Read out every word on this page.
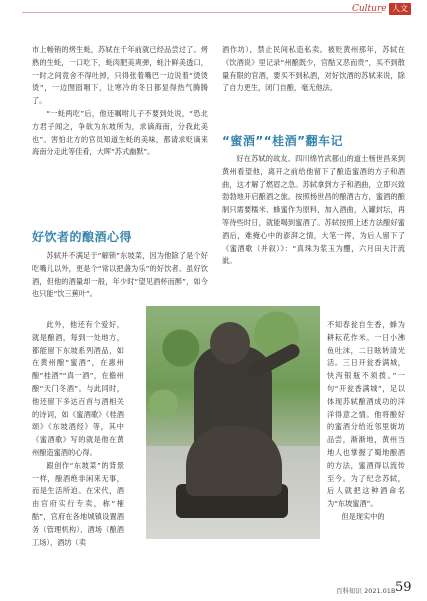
Culture 人文

市上畅销的烤生蚝，苏轼在千年前就已经品尝过了。烤熟的生蚝，一口吃下，蚝肉肥美爽弹，蚝汁鲜美透口，一时之间竟舍不得吐掉，只得张着嘴巴一边说着“烫烫烫”，一边囫囵咽下，让寒冷的冬日都显得热气腾腾了。

“一蚝两吃”后，他还嘱咐儿子不要到处说，“恐北方君子闻之，争欲为东坡所为，求谪海南，分我此美也”。害怕北方的官员知道生蚝的美味，都请求贬谪来海南分走此等佳肴，大晖“苏式幽默”。

好饮者的酿酒心得

苏轼并不满足于“解锁”东坡菜，因为他除了是个好吃嘴儿以外，更是个“常以把盏为乐”的好饮者。虽好饮酒，但他的酒量却一般，年少时“望见酒杯而醉”，如今也只能“饮三蕉叶”。

此外，他还有个爱好，就是酿酒，每到一处地方，都能留下东坡系列酒品，如在黄州酿“蜜酒”，在惠州酿“桂酒”“真一酒”，在儋州酿“天门冬酒”。与此同时，他还留下多达百首与酒相关的诗词，如《蜜酒歌》《桂酒颂》《东坡酒经》等，其中《蜜酒歌》写的就是他在黄州酿造蜜酒的心得。

跟创作“东坡菜”的背景一样，酿酒绝非闲来无事，而是生活所迫。在宋代，酒由官府实行专卖，称“榷酤”，官府在各地城镇设置酒务（管理机构）、酒场（酿酒工场），酒坊（卖

酒作坊），禁止民间私造私卖。被贬黄州那年，苏轼在《饮酒说》里记录“州酿既少，官酤又恶而贵”，买不到散量有限的官酒，要买不到私酒，对好饮酒的苏轼来说，除了自力更生，闭门自酿，毫无他法。

“蜜酒”“桂酒”翻车记

好在苏轼的故友、四川绵竹武都山的道士杨世昌来到黄州看望他，离开之前给他留下了酿造蜜酒的方子和酒曲，这才解了燃眉之急。苏轼拿到方子和酒曲，立即兴致勃勃地开启酿酒之旅。按照杨世昌的酿酒古方，蜜酒的酿制只需要糯米、蜂蜜作为原料，加入酒曲，入罐封坛，再等待些时日，就能喝到蜜酒了。苏轼按照上述方法酿好蜜酒后，难掩心中的澎湃之情，大笔一挥，为后人留下了《蜜酒歌（并叙）》：“真珠为浆玉为醴，六月田夫汗流泚。

不知春瓮自生香，蜂为耕耘花作米。一日小沸鱼吐沫，二日眩转清光活。三日开瓮香满城，快泻银瓶不须拨。”一句“开瓮香满城”，足以体现苏轼酿酒成功的洋洋得意之情。他将酿好的蜜酒分给近邻里街坊品尝，渐渐地，黄州当地人也掌握了蜀地酿酒的方法，蜜酒得以流传至今。为了纪念苏轼，后人就把这种酒命名为“东坡蜜酒”。

但是现实中的

百科知识 2021.01B 59
